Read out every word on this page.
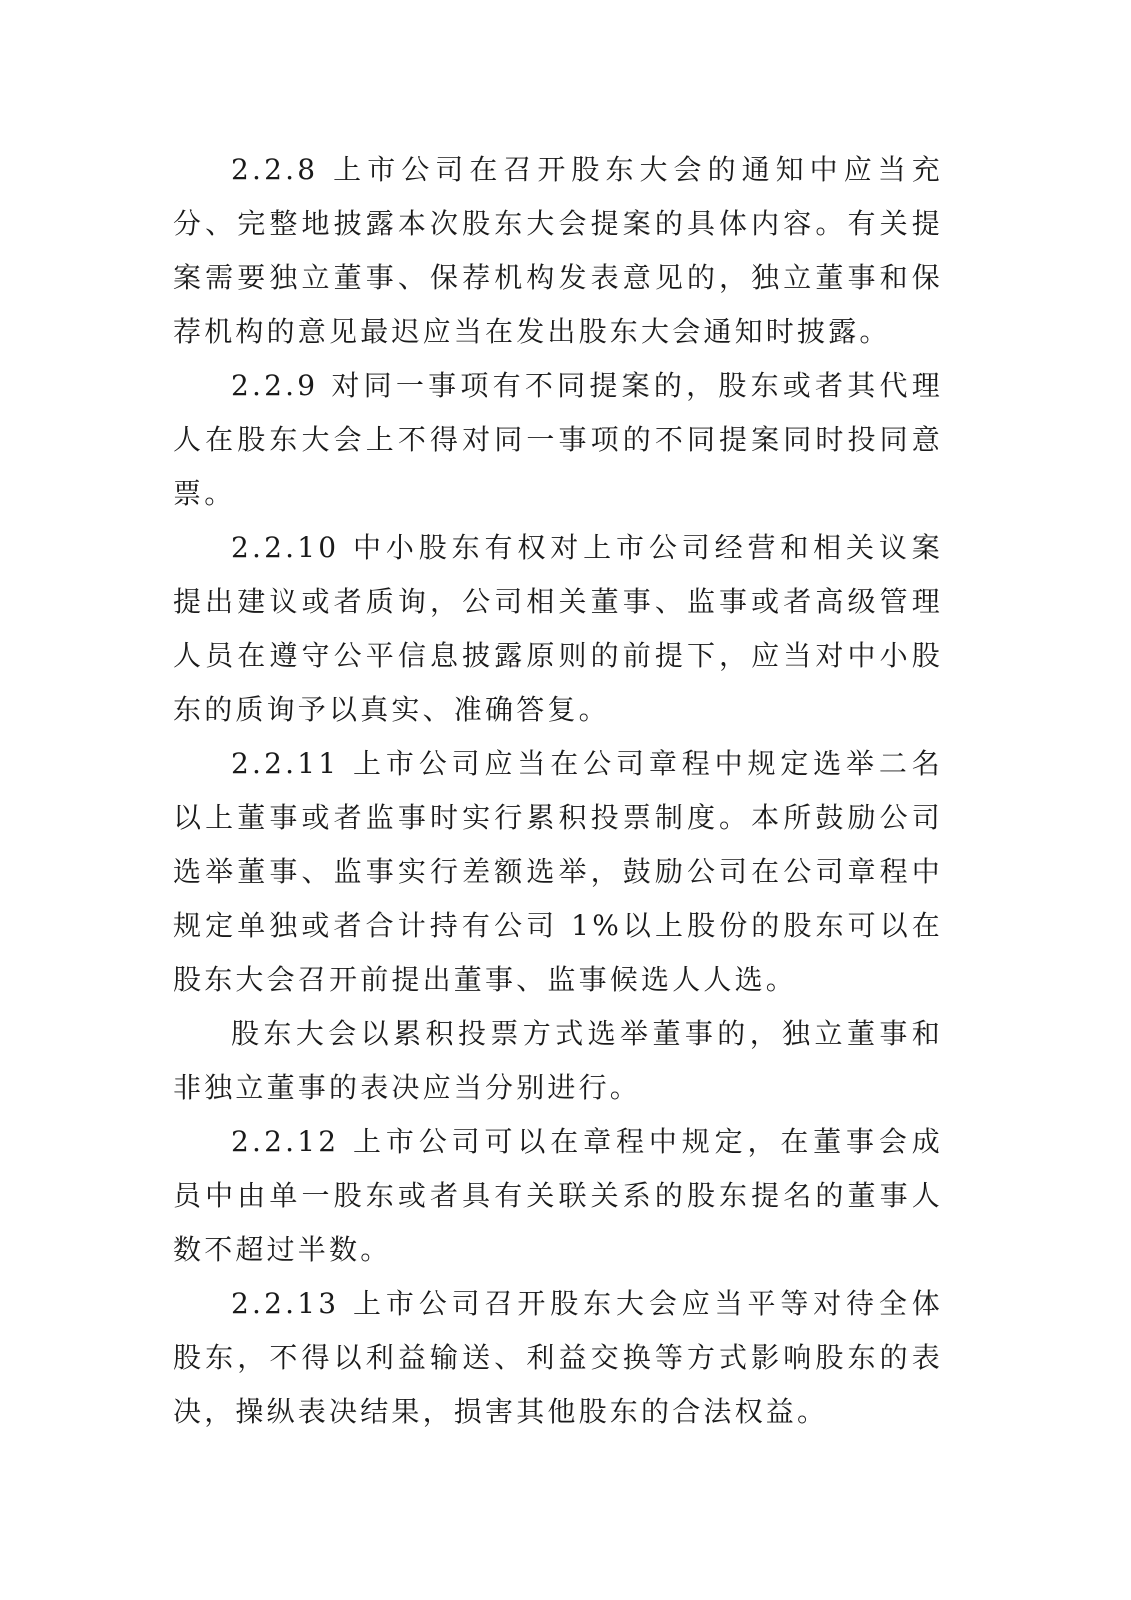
2.2.8 上市公司在召开股东大会的通知中应当充分、完整地披露本次股东大会提案的具体内容。有关提案需要独立董事、保荐机构发表意见的，独立董事和保荐机构的意见最迟应当在发出股东大会通知时披露。

2.2.9 对同一事项有不同提案的，股东或者其代理人在股东大会上不得对同一事项的不同提案同时投同意票。

2.2.10 中小股东有权对上市公司经营和相关议案提出建议或者质询，公司相关董事、监事或者高级管理人员在遵守公平信息披露原则的前提下，应当对中小股东的质询予以真实、准确答复。

2.2.11 上市公司应当在公司章程中规定选举二名以上董事或者监事时实行累积投票制度。本所鼓励公司选举董事、监事实行差额选举，鼓励公司在公司章程中规定单独或者合计持有公司 1%以上股份的股东可以在股东大会召开前提出董事、监事候选人人选。

股东大会以累积投票方式选举董事的，独立董事和非独立董事的表决应当分别进行。

2.2.12 上市公司可以在章程中规定，在董事会成员中由单一股东或者具有关联关系的股东提名的董事人数不超过半数。

2.2.13 上市公司召开股东大会应当平等对待全体股东，不得以利益输送、利益交换等方式影响股东的表决，操纵表决结果，损害其他股东的合法权益。
